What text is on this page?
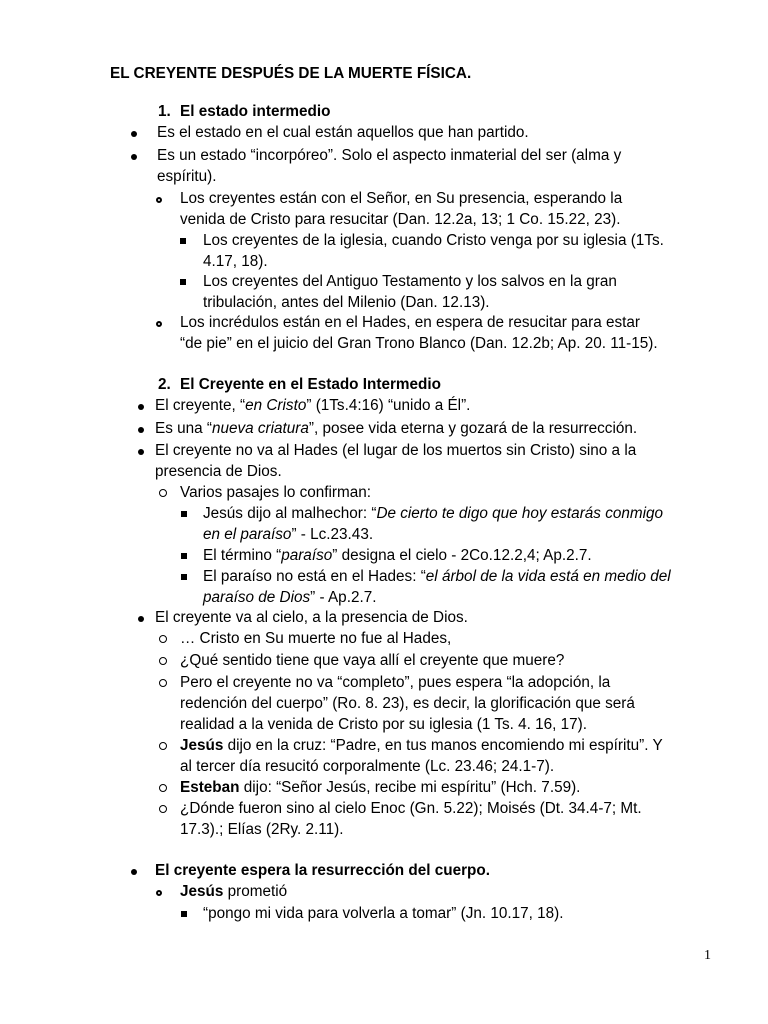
EL CREYENTE DESPUÉS DE LA MUERTE FÍSICA.
1. El estado intermedio
Es el estado en el cual están aquellos que han partido.
Es un estado “incorpóreo”. Solo el aspecto inmaterial del ser (alma y
espíritu).
Los creyentes están con el Señor, en Su presencia, esperando la
venida de Cristo para resucitar (Dan. 12.2a, 13; 1 Co. 15.22, 23).
Los creyentes de la iglesia, cuando Cristo venga por su iglesia (1Ts.
4.17, 18).
Los creyentes del Antiguo Testamento y los salvos en la gran
tribulación, antes del Milenio (Dan. 12.13).
Los incrédulos están en el Hades, en espera de resucitar para estar
“de pie” en el juicio del Gran Trono Blanco (Dan. 12.2b; Ap. 20. 11-15).
2. El Creyente en el Estado Intermedio
El creyente, “en Cristo” (1Ts.4:16) “unido a Él”.
Es una “nueva criatura”, posee vida eterna y gozará de la resurrección.
El creyente no va al Hades (el lugar de los muertos sin Cristo) sino a la
presencia de Dios.
Varios pasajes lo confirman:
Jesús dijo al malhechor: “De cierto te digo que hoy estarás conmigo
en el paraíso” - Lc.23.43.
El término “paraíso” designa el cielo - 2Co.12.2,4; Ap.2.7.
El paraíso no está en el Hades: “el árbol de la vida está en medio del
paraíso de Dios” - Ap.2.7.
El creyente va al cielo, a la presencia de Dios.
… Cristo en Su muerte no fue al Hades,
¿Qué sentido tiene que vaya allí el creyente que muere?
Pero el creyente no va “completo”, pues espera “la adopción, la
redención del cuerpo” (Ro. 8. 23), es decir, la glorificación que será
realidad a la venida de Cristo por su iglesia (1 Ts. 4. 16, 17).
Jesús dijo en la cruz: “Padre, en tus manos encomiendo mi espíritu”. Y
al tercer día resucitó corporalmente (Lc. 23.46; 24.1-7).
Esteban dijo: “Señor Jesús, recibe mi espíritu” (Hch. 7.59).
¿Dónde fueron sino al cielo Enoc (Gn. 5.22); Moisés (Dt. 34.4-7; Mt.
17.3).; Elías (2Ry. 2.11).
El creyente espera la resurrección del cuerpo.
Jesús prometió
“pongo mi vida para volverla a tomar” (Jn. 10.17, 18).
1
